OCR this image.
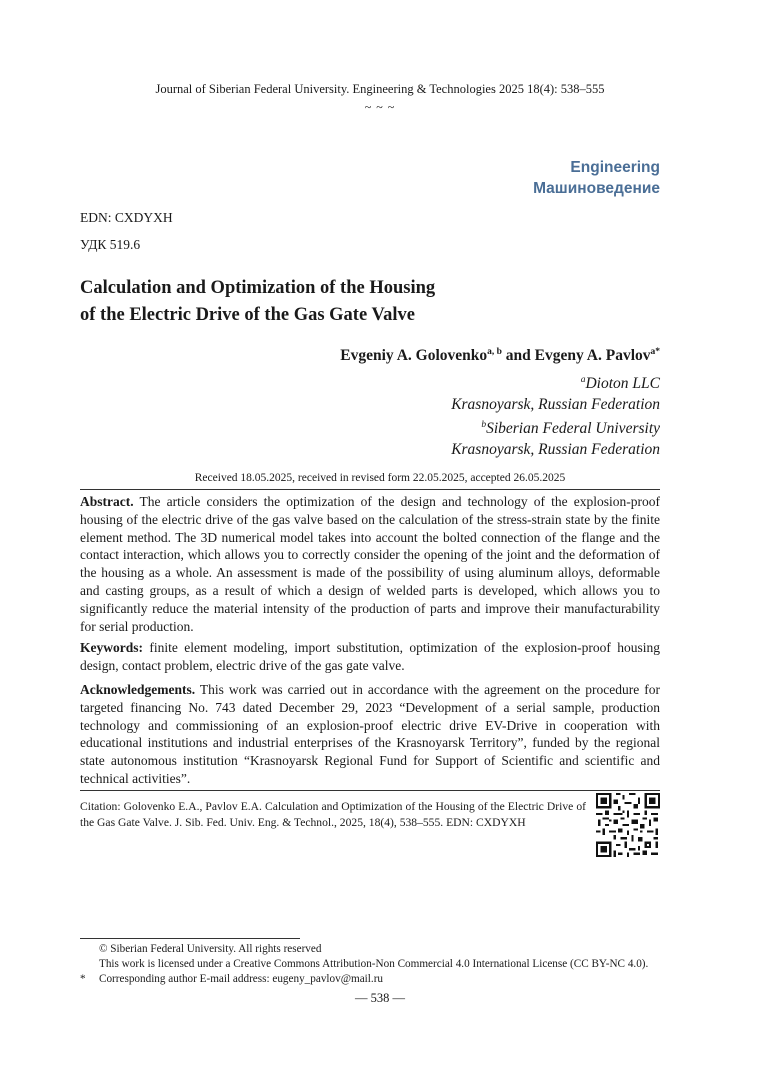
Journal of Siberian Federal University. Engineering & Technologies 2025 18(4): 538–555
~ ~ ~
Engineering
Машиноведение
EDN: CXDYXH
УДК 519.6
Calculation and Optimization of the Housing
of the Electric Drive of the Gas Gate Valve
Evgeniy A. Golovenko$^{a, b}$ and Evgeny A. Pavlov$^{a*}$
$^a$Dioton LLC
Krasnoyarsk, Russian Federation
$^b$Siberian Federal University
Krasnoyarsk, Russian Federation
Received 18.05.2025, received in revised form 22.05.2025, accepted 26.05.2025
Abstract. The article considers the optimization of the design and technology of the explosion-proof housing of the electric drive of the gas valve based on the calculation of the stress-strain state by the finite element method. The 3D numerical model takes into account the bolted connection of the flange and the contact interaction, which allows you to correctly consider the opening of the joint and the deformation of the housing as a whole. An assessment is made of the possibility of using aluminum alloys, deformable and casting groups, as a result of which a design of welded parts is developed, which allows you to significantly reduce the material intensity of the production of parts and improve their manufacturability for serial production.
Keywords: finite element modeling, import substitution, optimization of the explosion-proof housing design, contact problem, electric drive of the gas gate valve.
Acknowledgements. This work was carried out in accordance with the agreement on the procedure for targeted financing No. 743 dated December 29, 2023 “Development of a serial sample, production technology and commissioning of an explosion-proof electric drive EV-Drive in cooperation with educational institutions and industrial enterprises of the Krasnoyarsk Territory”, funded by the regional state autonomous institution “Krasnoyarsk Regional Fund for Support of Scientific and scientific and technical activities”.
Citation: Golovenko E.A., Pavlov E.A. Calculation and Optimization of the Housing of the Electric Drive of the Gas Gate Valve. J. Sib. Fed. Univ. Eng. & Technol., 2025, 18(4), 538–555. EDN: CXDYXH
© Siberian Federal University. All rights reserved
This work is licensed under a Creative Commons Attribution-Non Commercial 4.0 International License (CC BY-NC 4.0).
* Corresponding author E-mail address: eugeny_pavlov@mail.ru
— 538 —
